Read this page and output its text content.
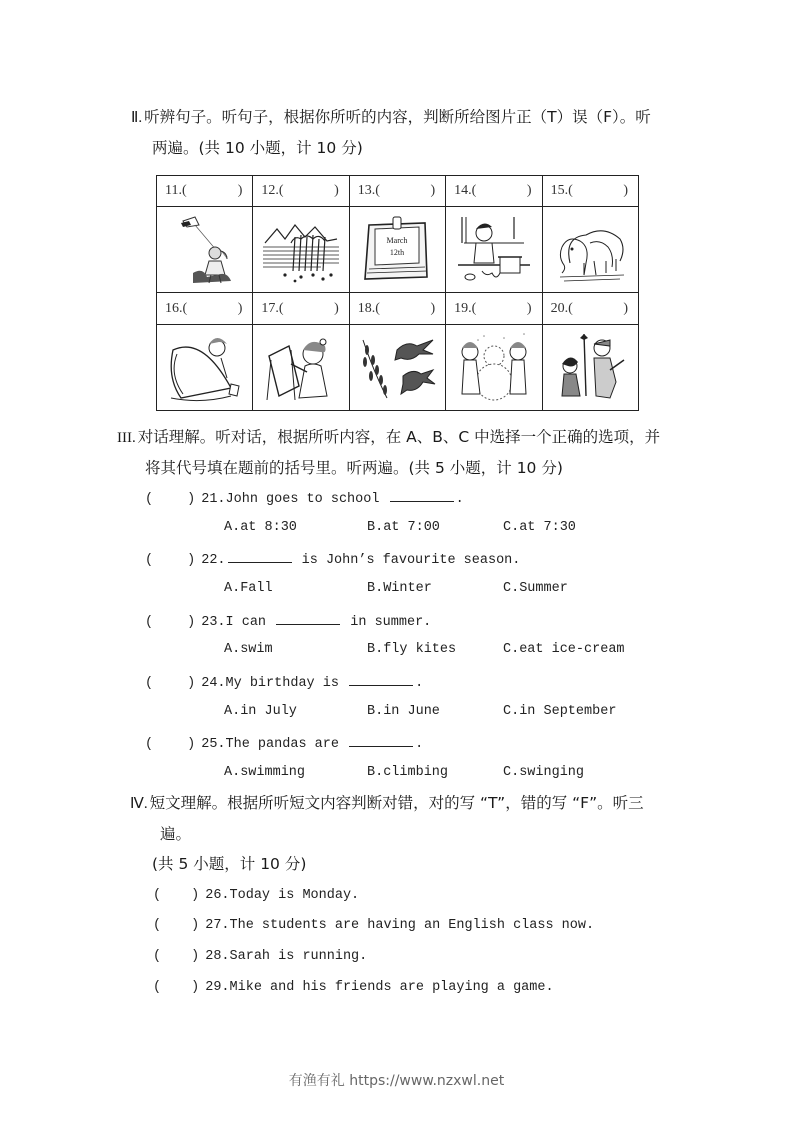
Ⅱ. 听辨句子。听句子，根据你所听的内容，判断所给图片正（T）误（F）。听
两遍。(共 10 小题，计 10 分)
11.( )	12.( )	13.( )	14.( )	15.( )

March
12th

16.( )	17.( )	18.( )	19.( )	20.( )

III. 对话理解。听对话，根据所听内容，在 A、B、C 中选择一个正确的选项，并
将其代号填在题前的括号里。听两遍。(共 5 小题，计 10 分)
(	) 21.John goes to school	.
A.at 8:30	B.at 7:00	C.at 7:30
(	) 22.	is John’s favourite season.
A.Fall	B.Winter	C.Summer
(	) 23.I can	in summer.
A.swim	B.fly kites	C.eat ice-cream
(	) 24.My birthday is	.
A.in July	B.in June	C.in September
(	) 25.The pandas are	.
A.swimming	B.climbing	C.swinging
Ⅳ. 短文理解。根据所听短文内容判断对错，对的写 “T”，错的写 “F”。听三
遍。
(共 5 小题，计 10 分)
( ) 26.Today is Monday.
( ) 27.The students are having an English class now.
( ) 28.Sarah is running.
( ) 29.Mike and his friends are playing a game.
有渔有礼 https://www.nzxwl.net
